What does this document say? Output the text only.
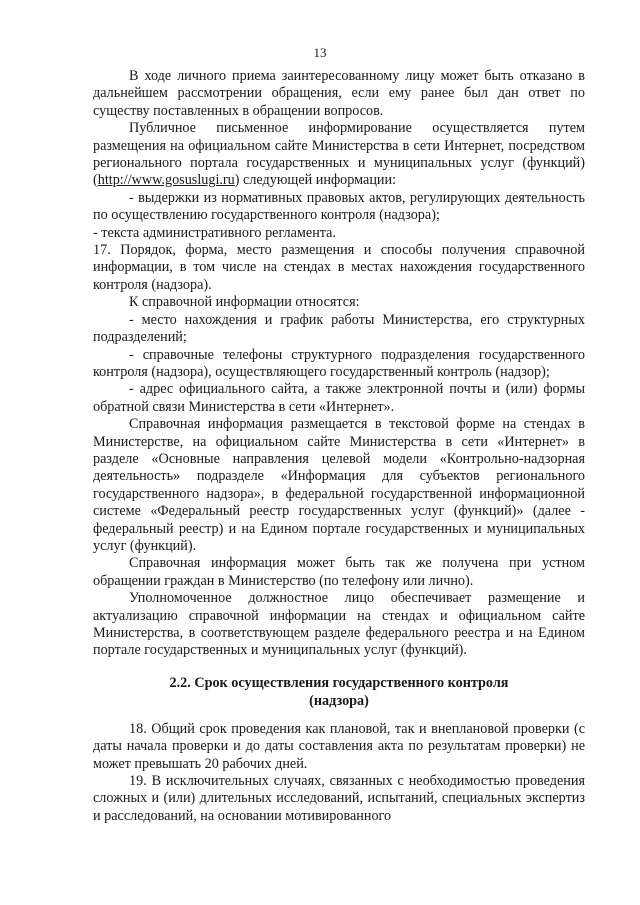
13

В ходе личного приема заинтересованному лицу может быть отказано в дальнейшем рассмотрении обращения, если ему ранее был дан ответ по существу поставленных в обращении вопросов.

Публичное письменное информирование осуществляется путем размещения на официальном сайте Министерства в сети Интернет, посредством регионального портала государственных и муниципальных услуг (функций) (http://www.gosuslugi.ru) следующей информации:

- выдержки из нормативных правовых актов, регулирующих деятельность по осуществлению государственного контроля (надзора);

- текста административного регламента.

17. Порядок, форма, место размещения и способы получения справочной информации, в том числе на стендах в местах нахождения государственного контроля (надзора).

К справочной информации относятся:

- место нахождения и график работы Министерства, его структурных подразделений;

- справочные телефоны структурного подразделения государственного контроля (надзора), осуществляющего государственный контроль (надзор);

- адрес официального сайта, а также электронной почты и (или) формы обратной связи Министерства в сети «Интернет».

Справочная информация размещается в текстовой форме на стендах в Министерстве, на официальном сайте Министерства в сети «Интернет» в разделе «Основные направления целевой модели «Контрольно-надзорная деятельность» подразделе «Информация для субъектов регионального государственного надзора», в федеральной государственной информационной системе «Федеральный реестр государственных услуг (функций)» (далее - федеральный реестр) и на Едином портале государственных и муниципальных услуг (функций).

Справочная информация может быть так же получена при устном обращении граждан в Министерство (по телефону или лично).

Уполномоченное должностное лицо обеспечивает размещение и актуализацию справочной информации на стендах и официальном сайте Министерства, в соответствующем разделе федерального реестра и на Едином портале государственных и муниципальных услуг (функций).

2.2. Срок осуществления государственного контроля
(надзора)

18. Общий срок проведения как плановой, так и внеплановой проверки (с даты начала проверки и до даты составления акта по результатам проверки) не может превышать 20 рабочих дней.

19. В исключительных случаях, связанных с необходимостью проведения сложных и (или) длительных исследований, испытаний, специальных экспертиз и расследований, на основании мотивированного
